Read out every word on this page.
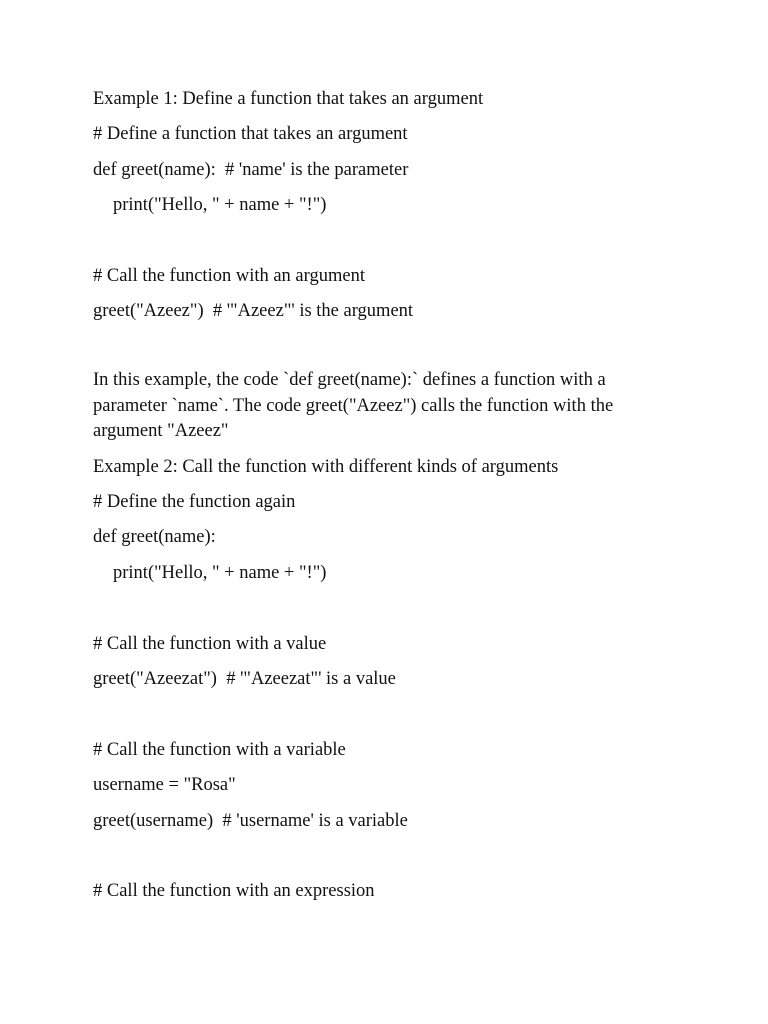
Example 1: Define a function that takes an argument
# Define a function that takes an argument
def greet(name):  # 'name' is the parameter
print("Hello, " + name + "!")
# Call the function with an argument
greet("Azeez")  # '"Azeez"' is the argument
In this example, the code `def greet(name):` defines a function with a parameter `name`. The code greet("Azeez") calls the function with the argument "Azeez"
Example 2: Call the function with different kinds of arguments
# Define the function again
def greet(name):
print("Hello, " + name + "!")
# Call the function with a value
greet("Azeezat")  # '"Azeezat"' is a value
# Call the function with a variable
username = "Rosa"
greet(username)  # 'username' is a variable
# Call the function with an expression
